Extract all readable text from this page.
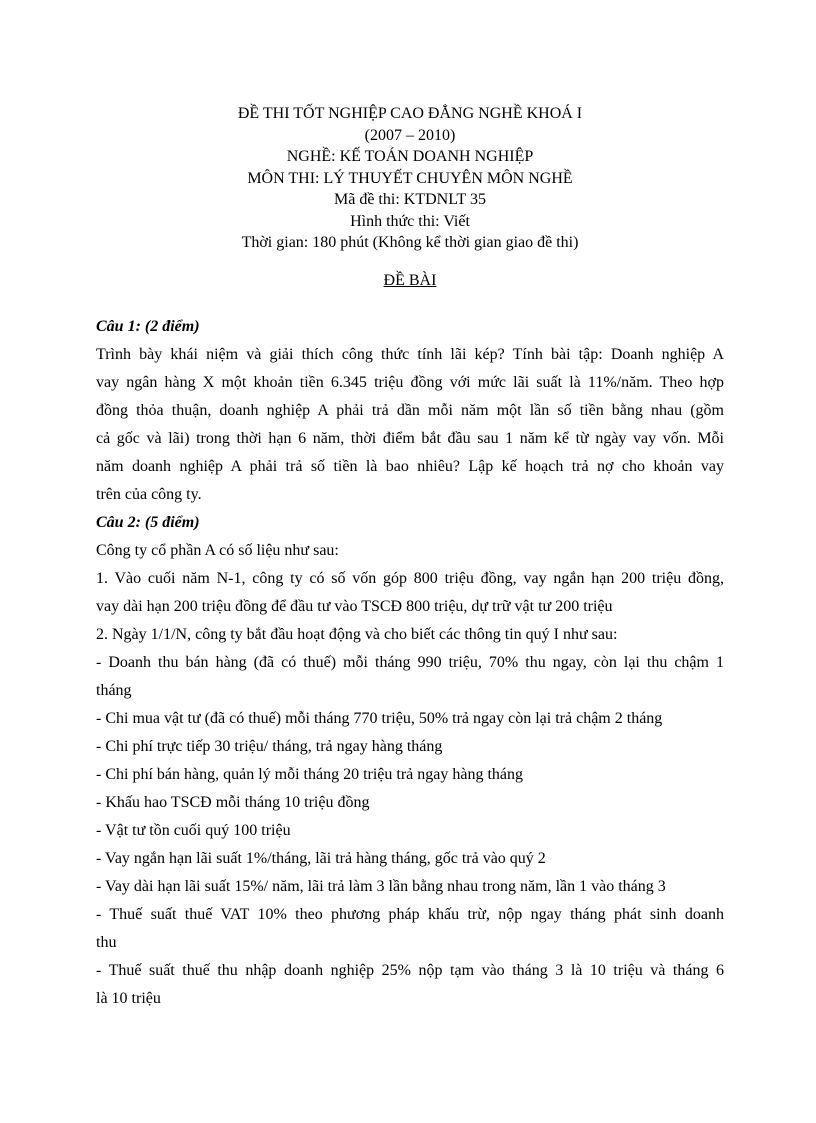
ĐỀ THI TỐT NGHIỆP CAO ĐẲNG NGHỀ KHOÁ I
(2007 – 2010)
NGHỀ: KẾ TOÁN DOANH NGHIỆP
MÔN THI: LÝ THUYẾT CHUYÊN MÔN NGHỀ
Mã đề thi: KTDNLT 35
Hình thức thi: Viết
Thời gian: 180 phút (Không kể thời gian giao đề thi)
ĐỀ BÀI
Câu 1: (2 điểm)
Trình bày khái niệm và giải thích công thức tính lãi kép? Tính bài tập: Doanh nghiệp A
vay ngân hàng X một khoản tiền 6.345 triệu đồng với mức lãi suất là 11%/năm. Theo hợp
đồng thỏa thuận, doanh nghiệp A phải trả dần mỗi năm một lần số tiền bằng nhau (gồm
cả gốc và lãi) trong thời hạn 6 năm, thời điểm bắt đầu sau 1 năm kể từ ngày vay vốn. Mỗi
năm doanh nghiệp A phải trả số tiền là bao nhiêu? Lập kế hoạch trả nợ cho khoản vay
trên của công ty.
Câu 2: (5 điểm)
Công ty cổ phần A có số liệu như sau:
1. Vào cuối năm N-1, công ty có số vốn góp 800 triệu đồng, vay ngắn hạn 200 triệu đồng,
vay dài hạn 200 triệu đồng để đầu tư vào TSCĐ 800 triệu, dự trữ vật tư 200 triệu
2. Ngày 1/1/N, công ty bắt đầu hoạt động và cho biết các thông tin quý I như sau:
- Doanh thu bán hàng (đã có thuế) mỗi tháng 990 triệu, 70% thu ngay, còn lại thu chậm 1
tháng
- Chi mua vật tư (đã có thuế) mỗi tháng 770 triệu, 50% trả ngay còn lại trả chậm 2 tháng
- Chi phí trực tiếp 30 triệu/ tháng, trả ngay hàng tháng
- Chi phí bán hàng, quản lý mỗi tháng 20 triệu trả ngay hàng tháng
- Khấu hao TSCĐ mỗi tháng 10 triệu đồng
- Vật tư tồn cuối quý 100 triệu
- Vay ngắn hạn lãi suất 1%/tháng, lãi trả hàng tháng, gốc trả vào quý 2
- Vay dài hạn lãi suất 15%/ năm, lãi trả làm 3 lần bằng nhau trong năm, lần 1 vào tháng 3
- Thuế suất thuế VAT 10% theo phương pháp khấu trừ, nộp ngay tháng phát sinh doanh
thu
- Thuế suất thuế thu nhập doanh nghiệp 25% nộp tạm vào tháng 3 là 10 triệu và tháng 6
là 10 triệu
